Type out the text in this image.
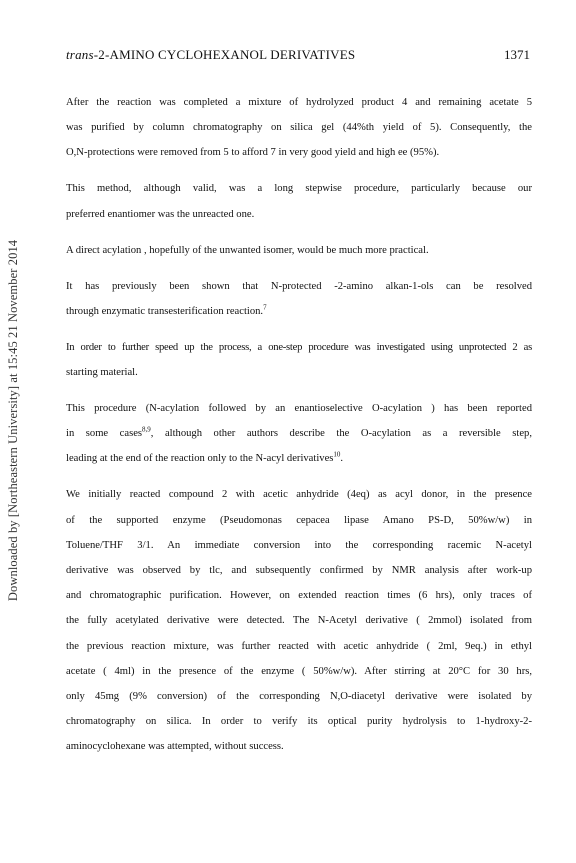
Downloaded by [Northeastern University] at 15:45 21 November 2014
trans-2-AMINO CYCLOHEXANOL DERIVATIVES	1371

After the reaction was completed a mixture of hydrolyzed product 4 and remaining acetate 5
was purified by column chromatography on silica gel (44%th yield of 5). Consequently, the
O,N-protections were removed from 5 to afford 7 in very good yield and high ee (95%).

This method, although valid, was a long stepwise procedure, particularly because our
preferred enantiomer was the unreacted one.

A direct acylation , hopefully of the unwanted isomer, would be much more practical.

It has previously been shown that N-protected -2-amino alkan-1-ols can be resolved
through enzymatic transesterification reaction.$^7$

In order to further speed up the process, a one-step procedure was investigated using unprotected 2 as
starting material.

This procedure (N-acylation followed by an enantioselective O-acylation ) has been reported
in some cases$^{8,9}$, although other authors describe the O-acylation as a reversible step,
leading at the end of the reaction only to the N-acyl derivatives$^{10}$.

We initially reacted compound 2 with acetic anhydride (4eq) as acyl donor, in the presence
of the supported enzyme (Pseudomonas cepacea lipase Amano PS-D, 50%w/w) in
Toluene/THF 3/1. An immediate conversion into the corresponding racemic N-acetyl
derivative was observed by tlc, and subsequently confirmed by NMR analysis after work-up
and chromatographic purification. However, on extended reaction times (6 hrs), only traces of
the fully acetylated derivative were detected. The N-Acetyl derivative ( 2mmol) isolated from
the previous reaction mixture, was further reacted with acetic anhydride ( 2ml, 9eq.) in ethyl
acetate ( 4ml) in the presence of the enzyme ( 50%w/w). After stirring at 20°C for 30 hrs,
only 45mg (9% conversion) of the corresponding N,O-diacetyl derivative were isolated by
chromatography on silica. In order to verify its optical purity hydrolysis to 1-hydroxy-2-
aminocyclohexane was attempted, without success.
